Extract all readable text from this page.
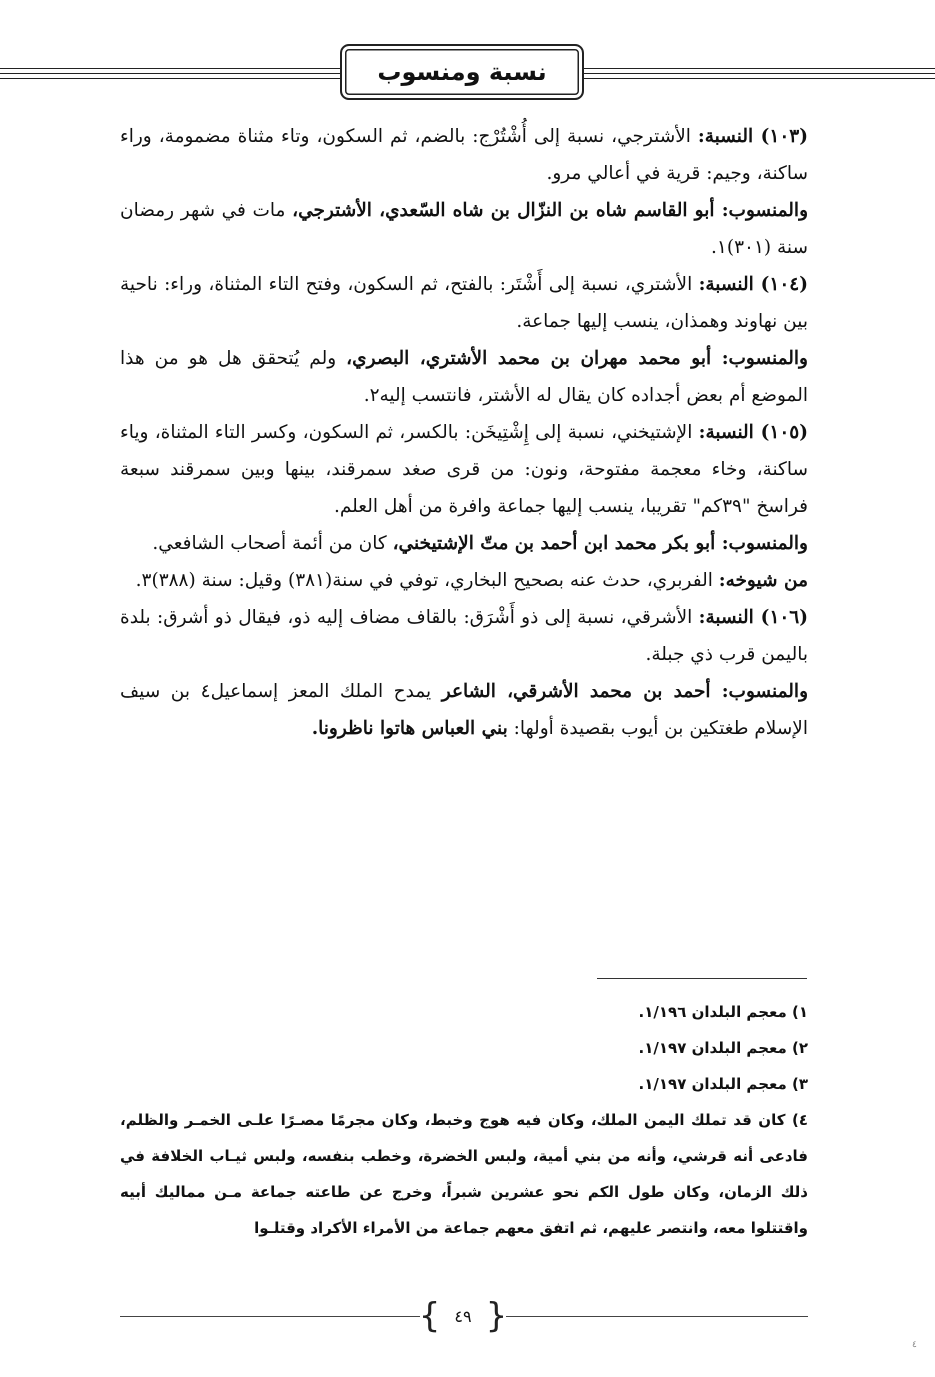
نسبة ومنسوب

(١٠٣) النسبة: الأشترجي، نسبة إلى أُشْتُرْج: بالضم، ثم السكون، وتاء مثناة مضمومة، وراء ساكنة، وجيم: قرية في أعالي مرو.

والمنسوب: أبو القاسم شاه بن النزّال بن شاه السّعدي، الأشترجي، مات في شهر رمضان سنة (٣٠١)١.

(١٠٤) النسبة: الأشتري، نسبة إلى أَشْتَر: بالفتح، ثم السكون، وفتح التاء المثناة، وراء: ناحية بين نهاوند وهمذان، ينسب إليها جماعة.

والمنسوب: أبو محمد مهران بن محمد الأشتري، البصري، ولم يُتحقق هل هو من هذا الموضع أم بعض أجداده كان يقال له الأشتر، فانتسب إليه٢.

(١٠٥) النسبة: الإشتيخني، نسبة إلى إِشْتِيخَن: بالكسر، ثم السكون، وكسر التاء المثناة، وياء ساكنة، وخاء معجمة مفتوحة، ونون: من قرى صغد سمرقند، بينها وبين سمرقند سبعة فراسخ "٣٩كم" تقريبا، ينسب إليها جماعة وافرة من أهل العلم.

والمنسوب: أبو بكر محمد ابن أحمد بن متّ الإشتيخني، كان من أئمة أصحاب الشافعي.

من شيوخه: الفربري، حدث عنه بصحيح البخاري، توفي في سنة(٣٨١) وقيل: سنة (٣٨٨)٣.

(١٠٦) النسبة: الأشرقي، نسبة إلى ذو أَشْرَق: بالقاف مضاف إليه ذو، فيقال ذو أشرق: بلدة باليمن قرب ذي جبلة.

والمنسوب: أحمد بن محمد الأشرقي، الشاعر يمدح الملك المعز إسماعيل٤ بن سيف الإسلام طغتكين بن أيوب بقصيدة أولها: بني العباس هاتوا ناظرونا.

١) معجم البلدان ١/١٩٦.

٢) معجم البلدان ١/١٩٧.

٣) معجم البلدان ١/١٩٧.

٤) كان قد تملك اليمن الملك، وكان فيه هوج وخبط، وكان مجرمًا مصـرًا علـى الخمـر والظلم، فادعى أنه قرشي، وأنه من بني أمية، ولبس الخضرة، وخطب بنفسه، ولبس ثيـاب الخلافة في ذلك الزمان، وكان طول الكم نحو عشرين شبراً، وخرج عن طاعته جماعة مـن مماليك أبيه واقتتلوا معه، وانتصر عليهم، ثم اتفق معهم جماعة من الأمراء الأكراد وقتلـوا

{ ٤٩ }
٤
